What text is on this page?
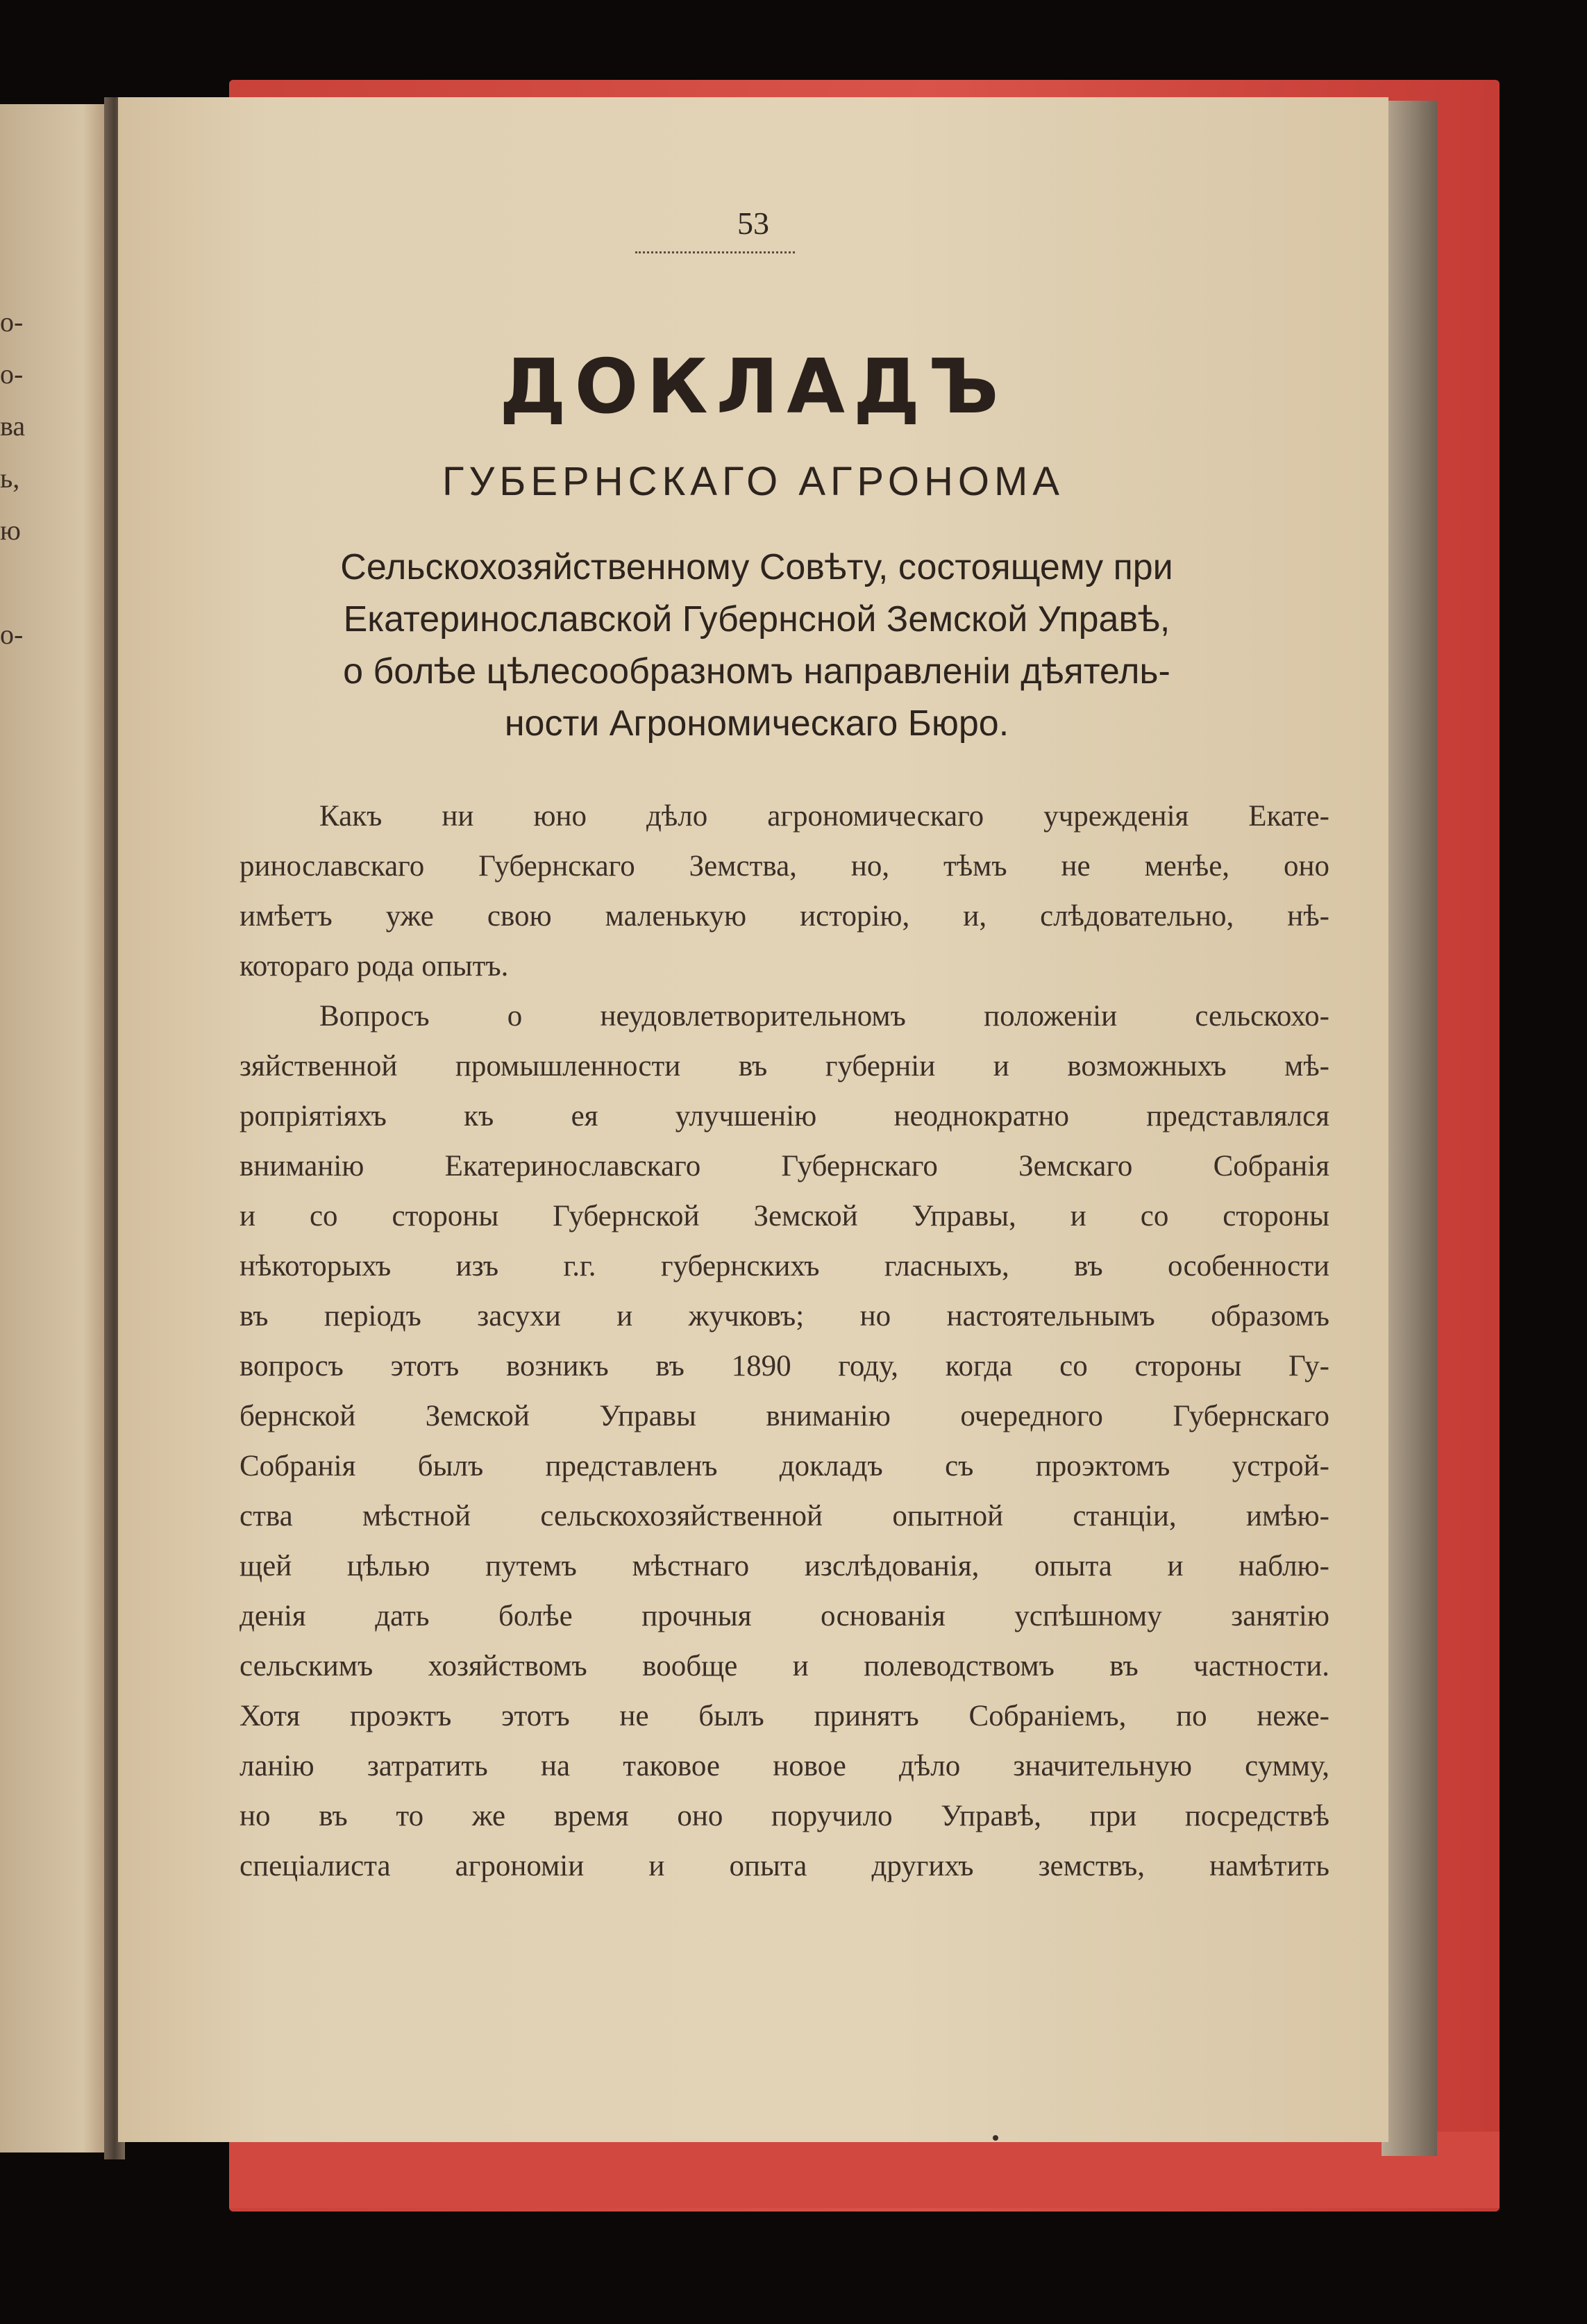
о-
о-
ва
ь,
ю
о-
53
ДОКЛАДЪ
ГУБЕРНСКАГО АГРОНОМА
Сельскохозяйственному Совѣту, состоящему при
Екатеринославской Губернсной Земской Управѣ,
о болѣе цѣлесообразномъ направленіи дѣятель-
ности Агрономическаго Бюро.
Какъ ни юно дѣло агрономическаго учрежденія Екате-
ринославскаго Губернскаго Земства, но, тѣмъ не менѣе, оно
имѣетъ уже свою маленькую исторію, и, слѣдовательно, нѣ-
котораго рода опытъ.
Вопросъ о неудовлетворительномъ положеніи сельскохо-
зяйственной промышленности въ губерніи и возможныхъ мѣ-
ропріятіяхъ къ ея улучшенію неоднократно представлялся
вниманію Екатеринославскаго Губернскаго Земскаго Собранія
и со стороны Губернской Земской Управы, и со стороны
нѣкоторыхъ изъ г.г. губернскихъ гласныхъ, въ особенности
въ періодъ засухи и жучковъ; но настоятельнымъ образомъ
вопросъ этотъ возникъ въ 1890 году, когда со стороны Гу-
бернской Земской Управы вниманію очередного Губернскаго
Собранія былъ представленъ докладъ съ проэктомъ устрой-
ства мѣстной сельскохозяйственной опытной станціи, имѣю-
щей цѣлью путемъ мѣстнаго изслѣдованія, опыта и наблю-
денія дать болѣе прочныя основанія успѣшному занятію
сельскимъ хозяйствомъ вообще и полеводствомъ въ частности.
Хотя проэктъ этотъ не былъ принятъ Собраніемъ, по неже-
ланію затратить на таковое новое дѣло значительную сумму,
но въ то же время оно поручило Управѣ, при посредствѣ
спеціалиста агрономіи и опыта другихъ земствъ, намѣтить
